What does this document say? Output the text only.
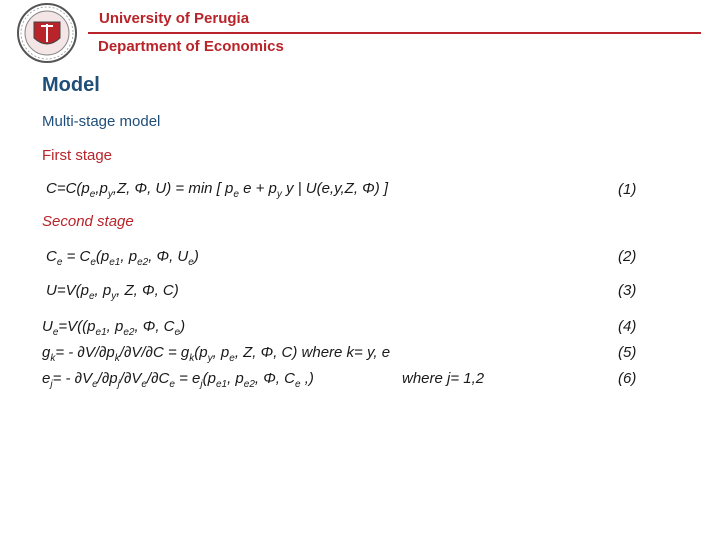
University of Perugia
Department of Economics
Model
Multi-stage model
First stage
$C=C(p_e,p_y,Z$, Φ, U) = min [ $p_e$ $e + p_y$ y | U(e,y,Z, Φ) ]	(1)
Second stage
$C_e = C_e(p_{e1}$, $p_{e2}$, Φ, $U_e$)	(2)
$U=V(p_e$, $p_y$, Z, Φ, C)	(3)
$U_e=V((p_{e1}$, $p_{e2}$, Φ, $C_e$)	(4)
$g_k= - \partial V/\partial p_k/\partial V/\partial C = g_k(p_y$, $p_e$, Z, Φ, C) where k= y, e	(5)
$e_j= - \partial V_e/\partial p_j/\partial V_e/\partial C_e = e_j(p_{e1}$, $p_{e2}$, Φ, $C_e$ ,)	where j= 1,2	(6)
